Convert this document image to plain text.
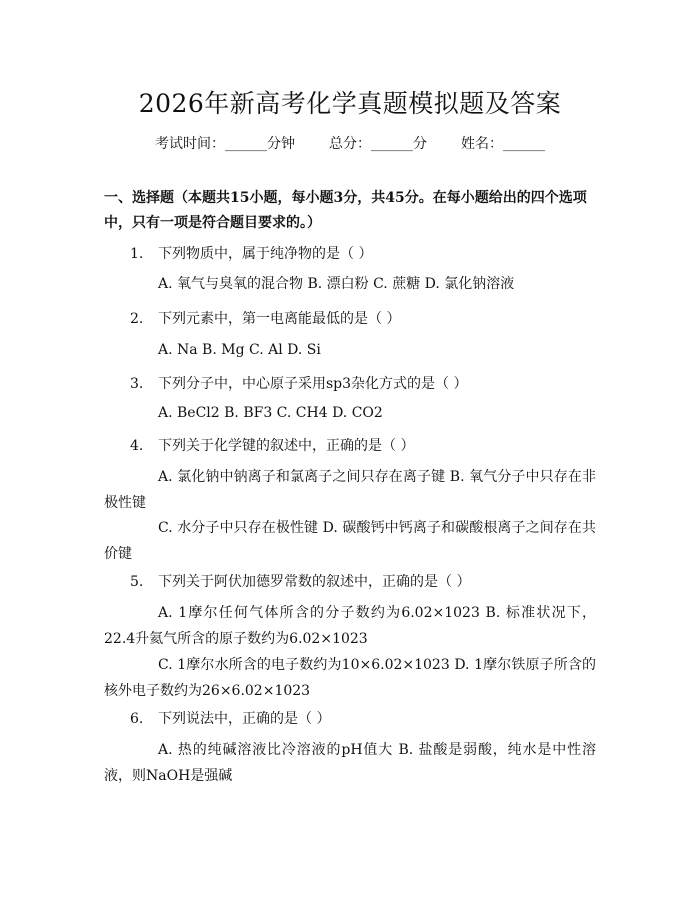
2026年新高考化学真题模拟题及答案
考试时间：______分钟 总分：______分 姓名：______
一、选择题（本题共15小题，每小题3分，共45分。在每小题给出的四个选项中，只有一项是符合题目要求的。）
1. 下列物质中，属于纯净物的是（ ）
A. 氧气与臭氧的混合物 B. 漂白粉 C. 蔗糖 D. 氯化钠溶液
2. 下列元素中，第一电离能最低的是（ ）
A. Na B. Mg C. Al D. Si
3. 下列分子中，中心原子采用sp3杂化方式的是（ ）
A. BeCl2 B. BF3 C. CH4 D. CO2
4. 下列关于化学键的叙述中，正确的是（ ）
A. 氯化钠中钠离子和氯离子之间只存在离子键 B. 氧气分子中只存在非极性键
C. 水分子中只存在极性键 D. 碳酸钙中钙离子和碳酸根离子之间存在共价键
5. 下列关于阿伏加德罗常数的叙述中，正确的是（ ）
A. 1摩尔任何气体所含的分子数约为6.02×1023 B. 标准状况下，22.4升氦气所含的原子数约为6.02×1023
C. 1摩尔水所含的电子数约为10×6.02×1023 D. 1摩尔铁原子所含的核外电子数约为26×6.02×1023
6. 下列说法中，正确的是（ ）
A. 热的纯碱溶液比冷溶液的pH值大 B. 盐酸是弱酸，纯水是中性溶液，则NaOH是强碱
